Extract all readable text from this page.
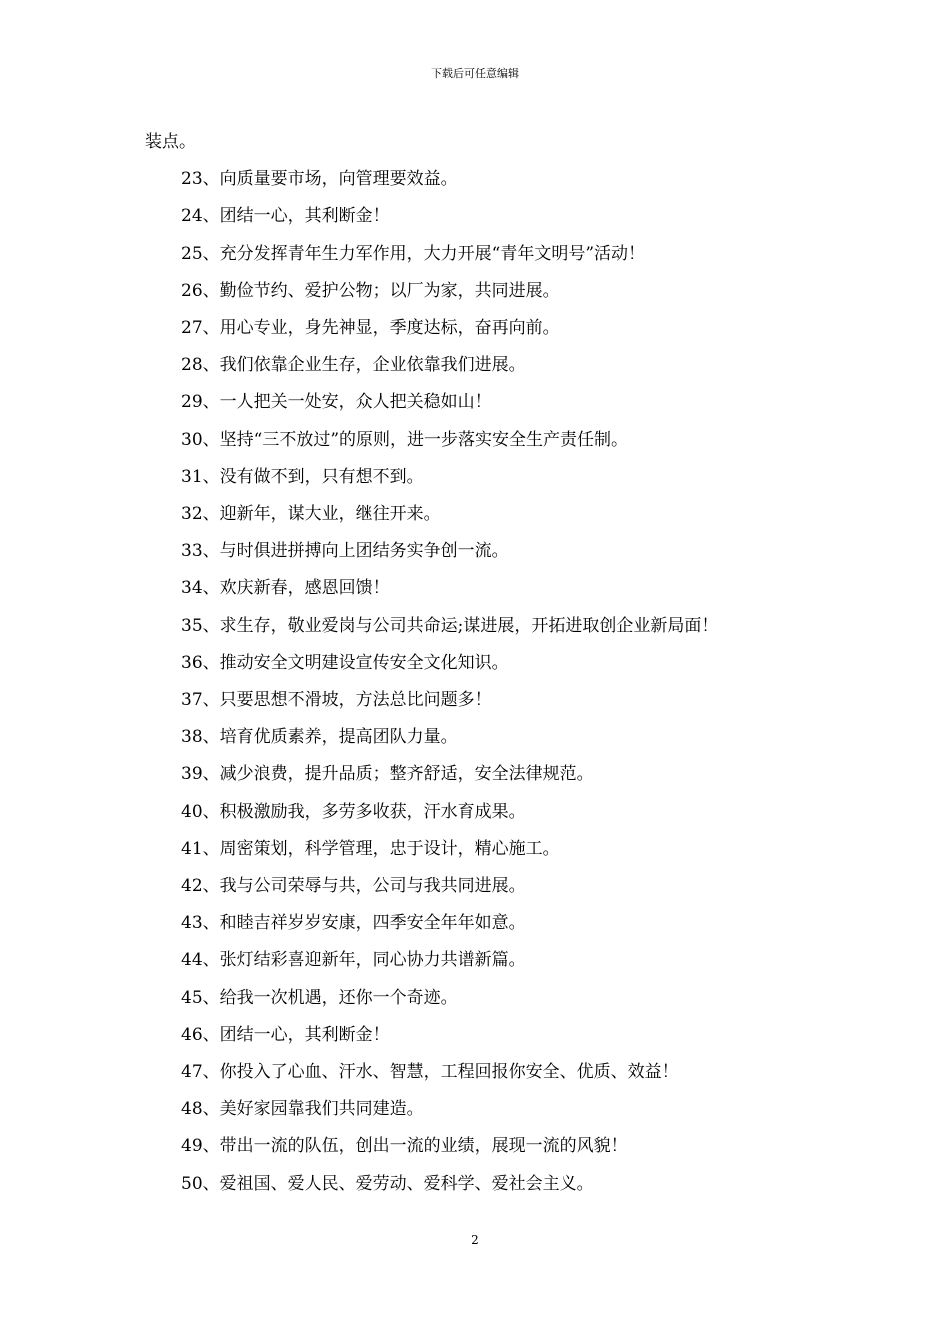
下载后可任意编辑
装点。
23、向质量要市场，向管理要效益。
24、团结一心，其利断金！
25、充分发挥青年生力军作用，大力开展“青年文明号”活动！
26、勤俭节约、爱护公物；以厂为家，共同进展。
27、用心专业，身先神显，季度达标，奋再向前。
28、我们依靠企业生存，企业依靠我们进展。
29、一人把关一处安，众人把关稳如山！
30、坚持“三不放过”的原则，进一步落实安全生产责任制。
31、没有做不到，只有想不到。
32、迎新年，谋大业，继往开来。
33、与时俱进拼搏向上团结务实争创一流。
34、欢庆新春，感恩回馈！
35、求生存，敬业爱岗与公司共命运;谋进展，开拓进取创企业新局面！
36、推动安全文明建设宣传安全文化知识。
37、只要思想不滑坡，方法总比问题多！
38、培育优质素养，提高团队力量。
39、减少浪费，提升品质；整齐舒适，安全法律规范。
40、积极激励我，多劳多收获，汗水育成果。
41、周密策划，科学管理，忠于设计，精心施工。
42、我与公司荣辱与共，公司与我共同进展。
43、和睦吉祥岁岁安康，四季安全年年如意。
44、张灯结彩喜迎新年，同心协力共谱新篇。
45、给我一次机遇，还你一个奇迹。
46、团结一心，其利断金！
47、你投入了心血、汗水、智慧，工程回报你安全、优质、效益！
48、美好家园靠我们共同建造。
49、带出一流的队伍，创出一流的业绩，展现一流的风貌！
50、爱祖国、爱人民、爱劳动、爱科学、爱社会主义。
2
